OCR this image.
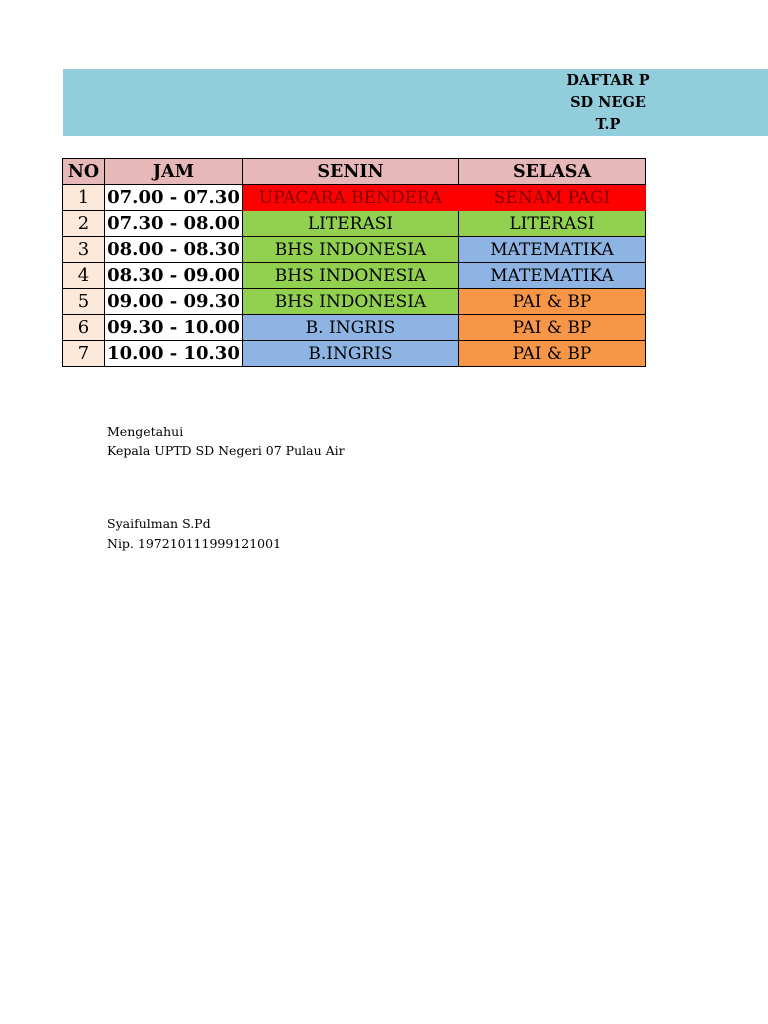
DAFTAR P
SD NEGE
T.P
NO	JAM	SENIN	SELASA
1	07.00 - 07.30	UPACARA BENDERA	SENAM PAGI
2	07.30 - 08.00	LITERASI	LITERASI
3	08.00 - 08.30	BHS INDONESIA	MATEMATIKA
4	08.30 - 09.00	BHS INDONESIA	MATEMATIKA
5	09.00 - 09.30	BHS INDONESIA	PAI & BP
6	09.30 - 10.00	B. INGRIS	PAI & BP
7	10.00 - 10.30	B.INGRIS	PAI & BP
Mengetahui
Kepala UPTD SD Negeri 07 Pulau Air
Syaifulman S.Pd
Nip. 197210111999121001
